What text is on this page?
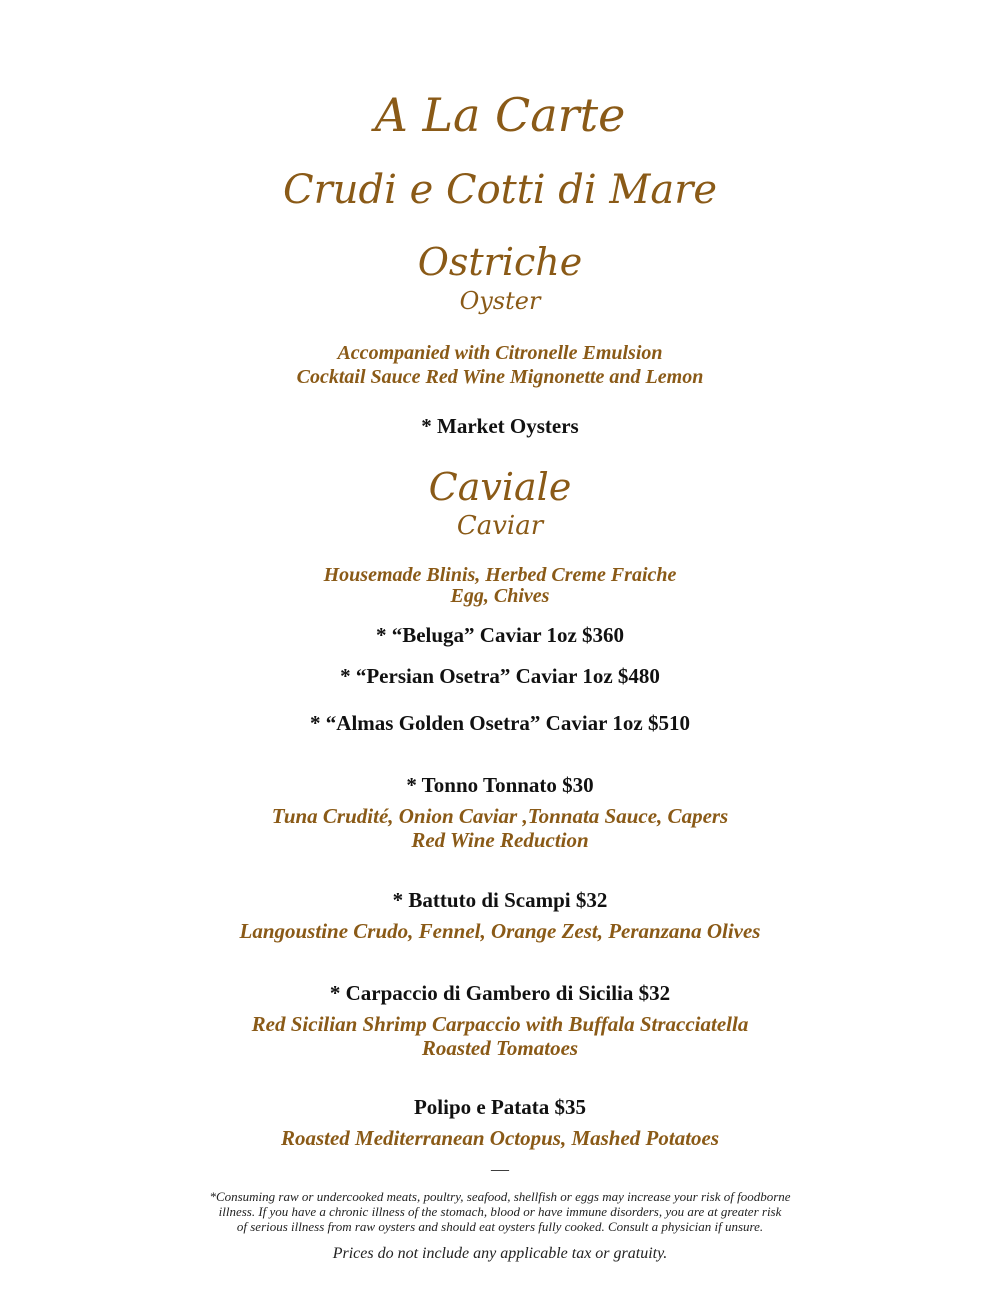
A La Carte
Crudi e Cotti di Mare
Ostriche
Oyster
Accompanied with Citronelle Emulsion
Cocktail Sauce Red Wine Mignonette and Lemon
* Market Oysters
Caviale
Caviar
Housemade Blinis, Herbed Creme Fraiche
Egg, Chives
* “Beluga” Caviar 1oz $360
* “Persian Osetra” Caviar 1oz $480
* “Almas Golden Osetra” Caviar 1oz $510
* Tonno Tonnato $30
Tuna Crudité, Onion Caviar ,Tonnata Sauce, Capers
Red Wine Reduction
* Battuto di Scampi $32
Langoustine Crudo, Fennel, Orange Zest, Peranzana Olives
* Carpaccio di Gambero di Sicilia $32
Red Sicilian Shrimp Carpaccio with Buffala Stracciatella
Roasted Tomatoes
Polipo e Patata $35
Roasted Mediterranean Octopus, Mashed Potatoes
—
*Consuming raw or undercooked meats, poultry, seafood, shellfish or eggs may increase your risk of foodborne
illness. If you have a chronic illness of the stomach, blood or have immune disorders, you are at greater risk
of serious illness from raw oysters and should eat oysters fully cooked. Consult a physician if unsure.
Prices do not include any applicable tax or gratuity.
